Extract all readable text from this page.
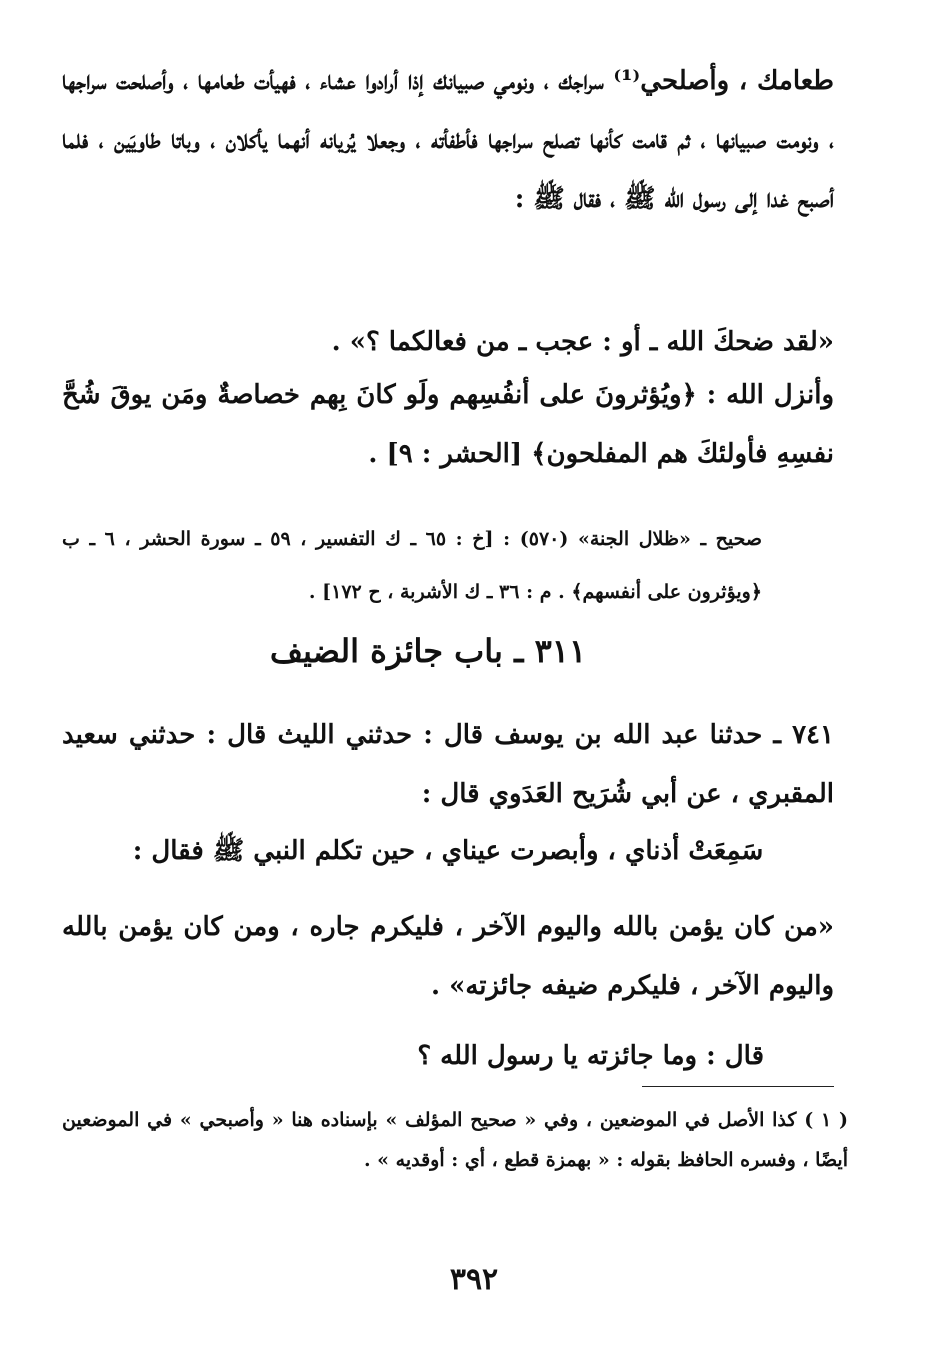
طعامك ، وأصلحي⁽¹⁾ سراجك ، ونومي صبيانك إذا أرادوا عشاء ، فهيأت طعامها ، وأصلحت سراجها ، ونومت صبيانها ، ثم قامت كأنها تصلح سراجها فأطفأته ، وجعلا يُريانه أنهما يأكلان ، وباتا طاويَين ، فلما أصبح غدا إلى رسول الله ﷺ ، فقال ﷺ :
«لقد ضحكَ الله ـ أو : عجب ـ من فعالكما ؟» .
وأنزل الله : ﴿ويُؤثرونَ على أنفُسِهم ولَو كانَ بِهم خصاصةٌ ومَن يوقَ شُحَّ نفسِهِ فأولئكَ هم المفلحون﴾ [الحشر : ٩] .
صحيح ـ «ظلال الجنة» (٥٧٠) : [خ : ٦٥ ـ ك التفسير ، ٥٩ ـ سورة الحشر ، ٦ ـ ب ﴿ويؤثرون على أنفسهم﴾ . م : ٣٦ ـ ك الأشربة ، ح ١٧٢] .
٣١١ ـ باب جائزة الضيف
٧٤١ ـ حدثنا عبد الله بن يوسف قال : حدثني الليث قال : حدثني سعيد المقبري ، عن أبي شُرَيح العَدَوي قال :
سَمِعَتْ أذناي ، وأبصرت عيناي ، حين تكلم النبي ﷺ فقال :
«من كان يؤمن بالله واليوم الآخر ، فليكرم جاره ، ومن كان يؤمن بالله واليوم الآخر ، فليكرم ضيفه جائزته» .
قال : وما جائزته يا رسول الله ؟
( ١ ) كذا الأصل في الموضعين ، وفي « صحيح المؤلف » بإسناده هنا « وأصبحي » في الموضعين أيضًا ، وفسره الحافظ بقوله : « بهمزة قطع ، أي : أوقديه » .
٣٩٢
